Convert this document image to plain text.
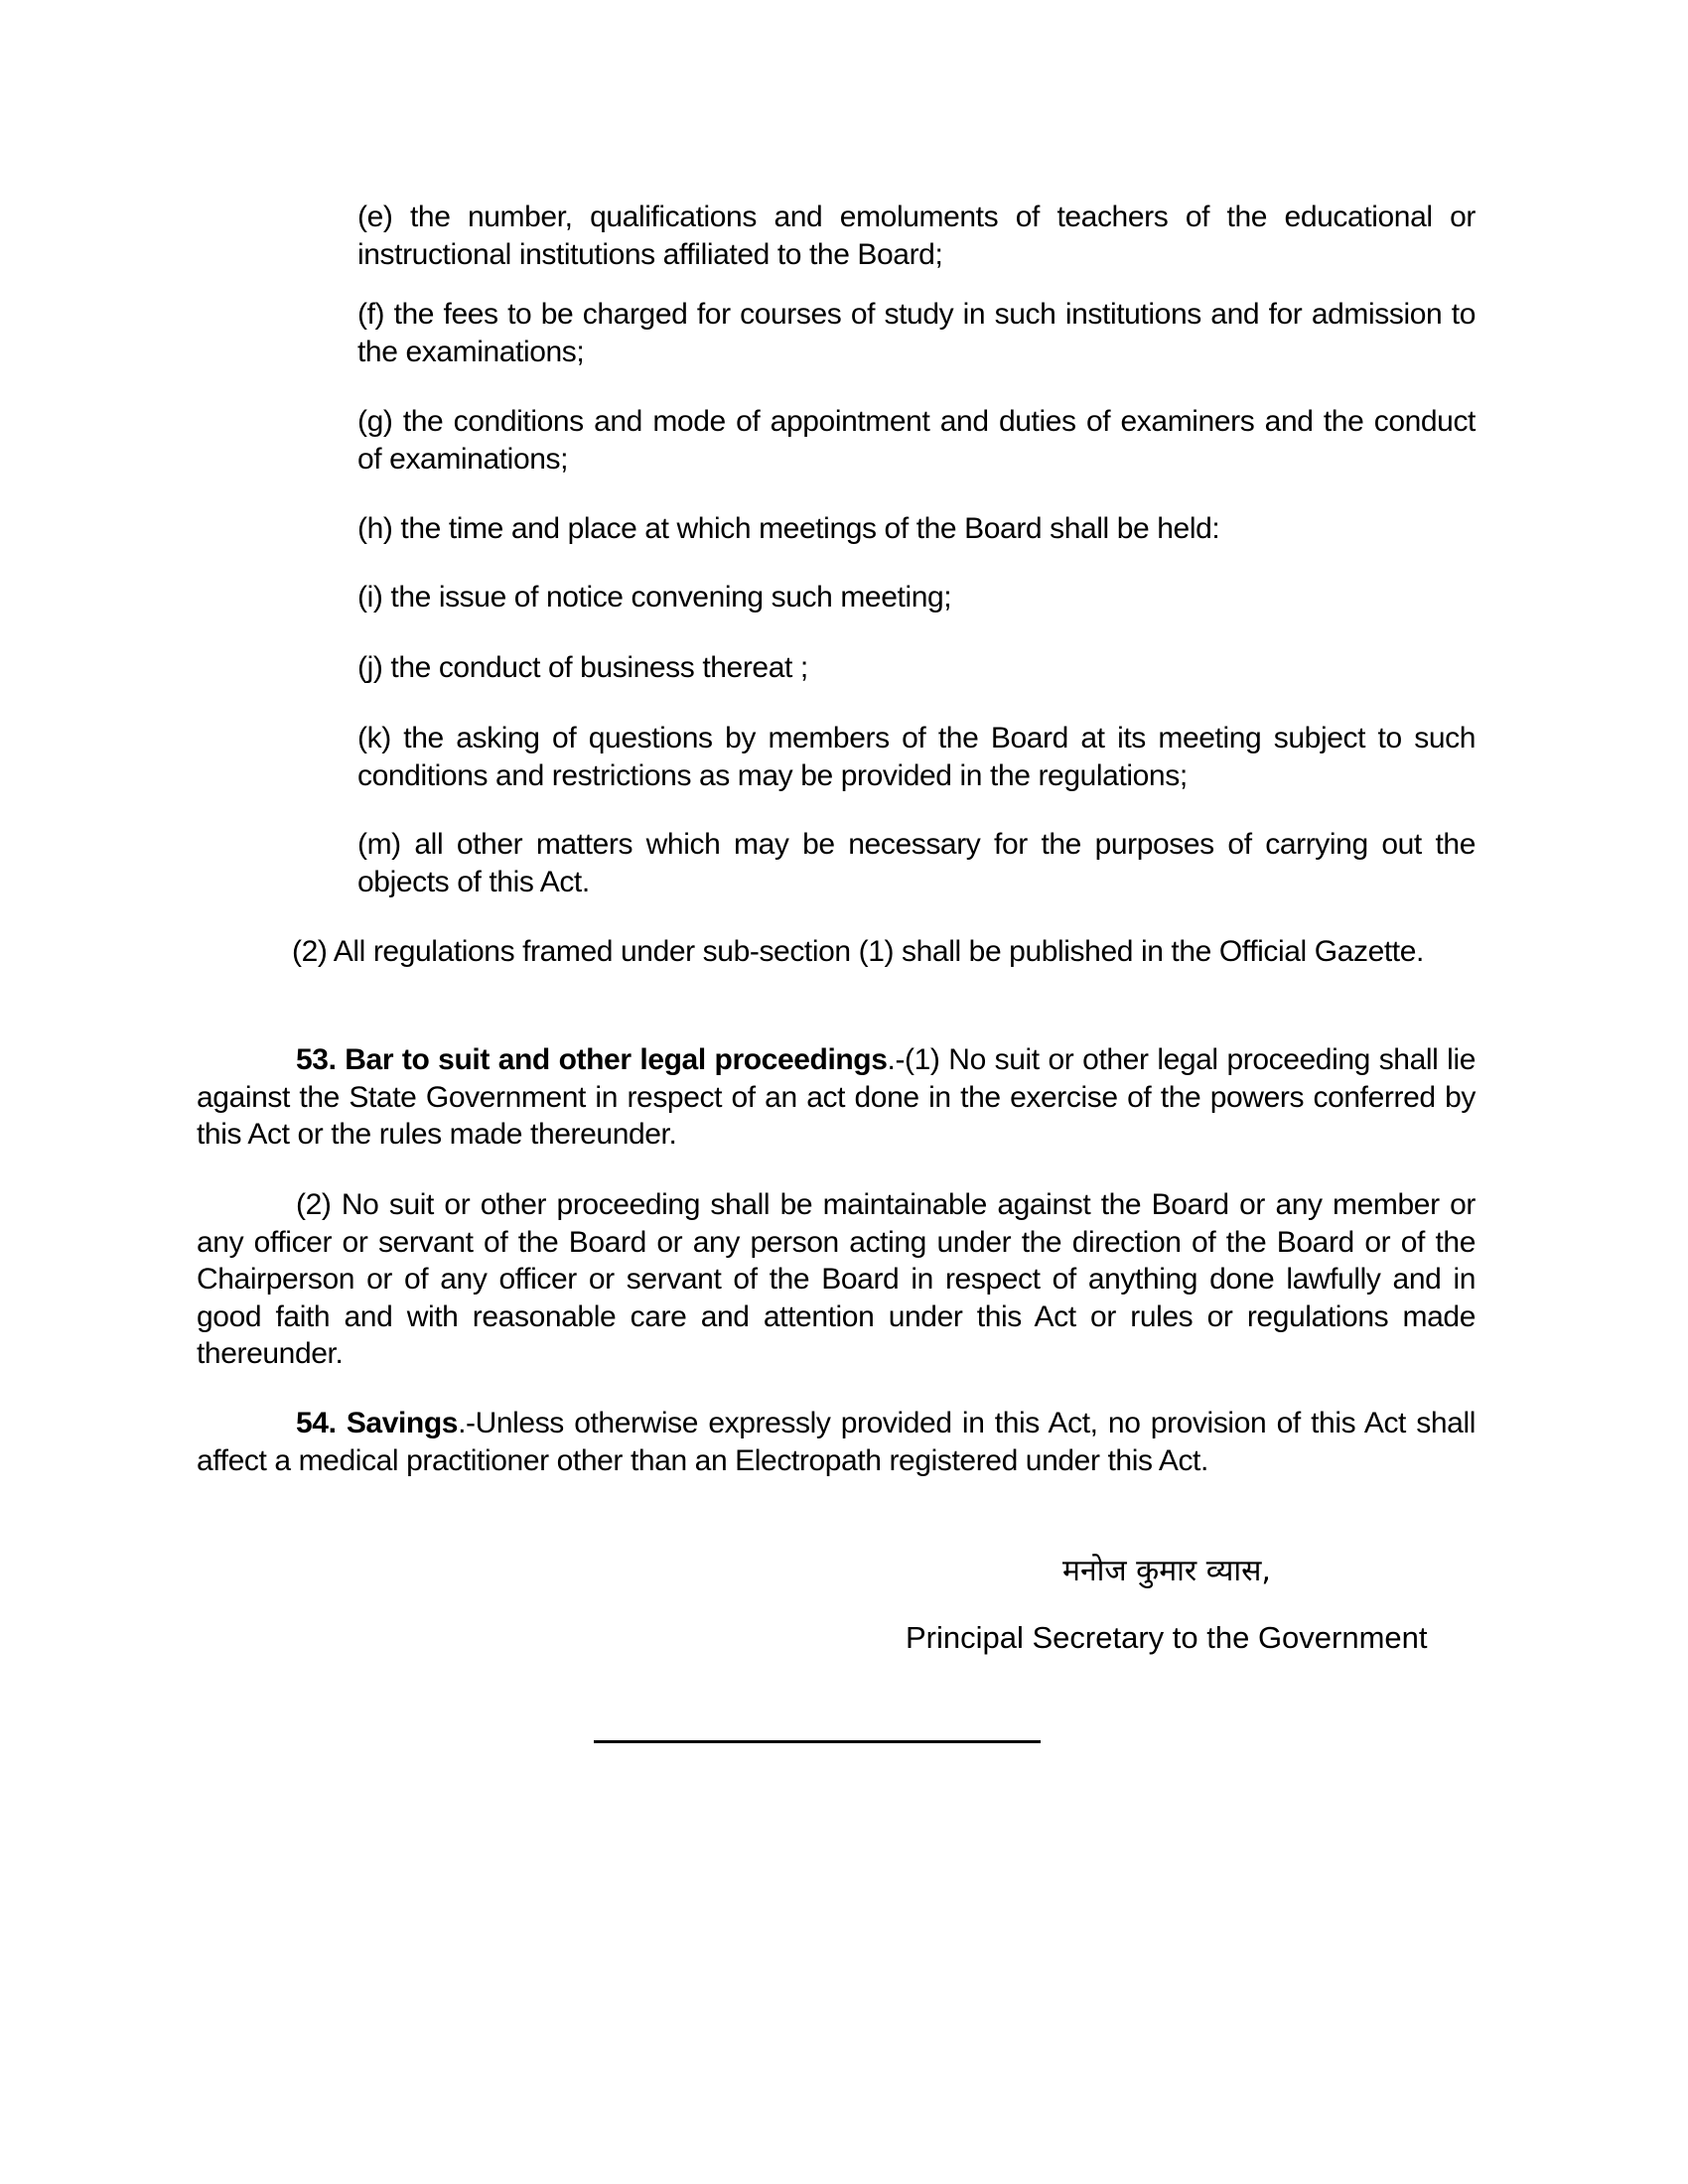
(e) the number, qualifications and emoluments of teachers of the educational or instructional institutions affiliated to the Board;
(f) the fees to be charged for courses of study in such institutions and for admission to the examinations;
(g) the conditions and mode of appointment and duties of examiners and the conduct of examinations;
(h) the time and place at which meetings of the Board shall be held:
(i) the issue of notice convening such meeting;
(j) the conduct of business thereat ;
(k) the asking of questions by members of the Board at its meeting subject to such conditions and restrictions as may be provided in the regulations;
(m) all other matters which may be necessary for the purposes of carrying out the objects of this Act.
(2) All regulations framed under sub-section (1) shall be published in the Official Gazette.
53. Bar to suit and other legal proceedings.-(1) No suit or other legal proceeding shall lie against the State Government in respect of an act done in the exercise of the powers conferred by this Act or the rules made thereunder.
(2) No suit or other proceeding shall be maintainable against the Board or any member or any officer or servant of the Board or any person acting under the direction of the Board or of the Chairperson or of any officer or servant of the Board in respect of anything done lawfully and in good faith and with reasonable care and attention under this Act or rules or regulations made thereunder.
54. Savings.-Unless otherwise expressly provided in this Act, no provision of this Act shall affect a medical practitioner other than an Electropath registered under this Act.
मनोज कुमार व्यास,
Principal Secretary to the Government
